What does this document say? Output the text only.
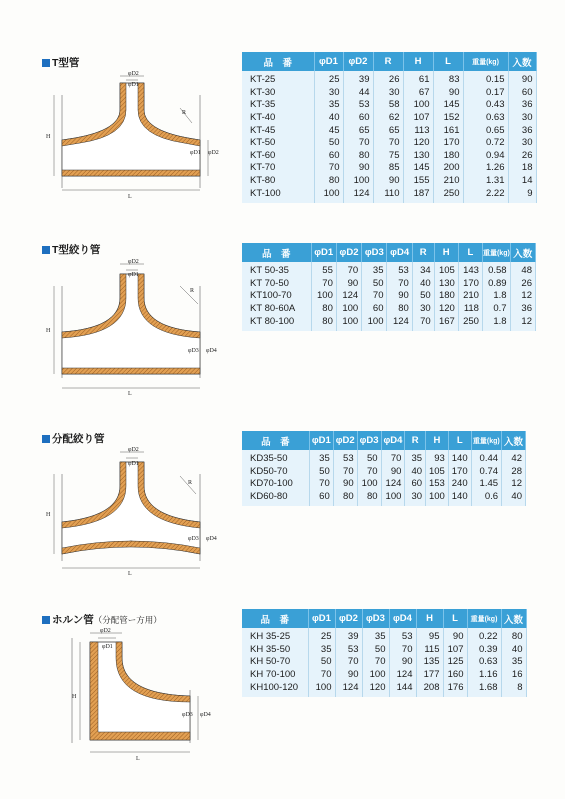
T型管
φD2
φD1
H
L
R
φD1 φD2
品　番	φD1	φD2	R	H	L	重量(kg)	入数
KT-25	25	39	26	61	83	0.15	90
KT-30	30	44	30	67	90	0.17	60
KT-35	35	53	58	100	145	0.43	36
KT-40	40	60	62	107	152	0.63	30
KT-45	45	65	65	113	161	0.65	36
KT-50	50	70	70	120	170	0.72	30
KT-60	60	80	75	130	180	0.94	26
KT-70	70	90	85	145	200	1.26	18
KT-80	80	100	90	155	210	1.31	14
KT-100	100	124	110	187	250	2.22	9
T型絞り管
φD2
φD1
H
L
R
φD3 φD4
品　番	φD1	φD2	φD3	φD4	R	H	L	重量(kg)	入数
KT 50-35	55	70	35	53	34	105	143	0.58	48
KT 70-50	70	90	50	70	40	130	170	0.89	26
KT100-70	100	124	70	90	50	180	210	1.8	12
KT 80-60A	80	100	60	80	30	120	118	0.7	36
KT 80-100	80	100	100	124	70	167	250	1.8	12
分配絞り管
φD2
φD1
H
L
R
φD3 φD4
品　番	φD1	φD2	φD3	φD4	R	H	L	重量(kg)	入数
KD35-50	35	53	50	70	35	93	140	0.44	42
KD50-70	50	70	70	90	40	105	170	0.74	28
KD70-100	70	90	100	124	60	153	240	1.45	12
KD60-80	60	80	80	100	30	100	140	0.6	40
ホルン管 （分配管ー方用）
φD2
φD1
H
L
φD3 φD4
品　番	φD1	φD2	φD3	φD4	H	L	重量(kg)	入数
KH 35-25	25	39	35	53	95	90	0.22	80
KH 35-50	35	53	50	70	115	107	0.39	40
KH 50-70	50	70	70	90	135	125	0.63	35
KH 70-100	70	90	100	124	177	160	1.16	16
KH100-120	100	124	120	144	208	176	1.68	8
